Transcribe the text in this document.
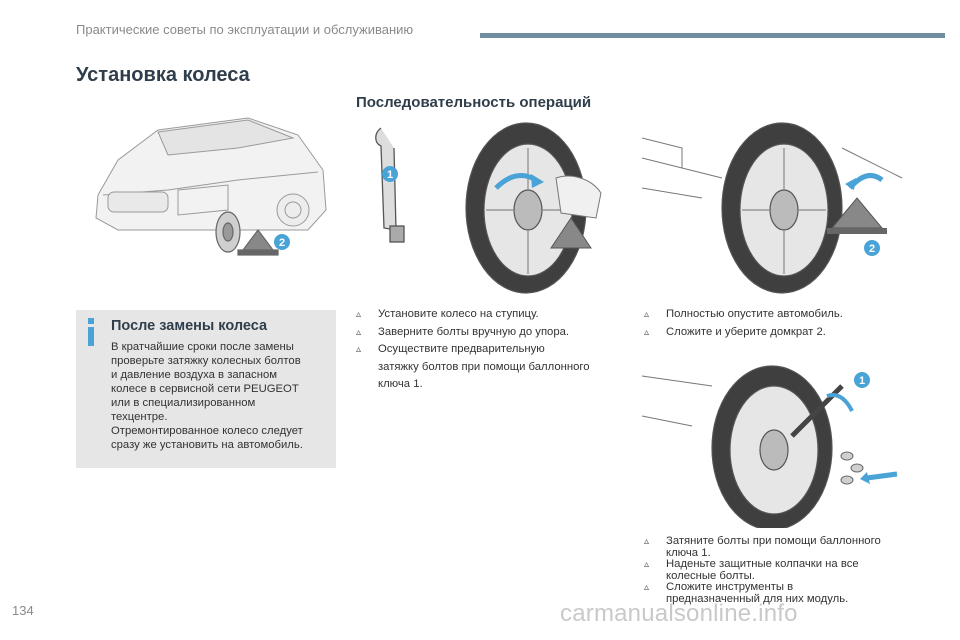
Практические советы по эксплуатации и обслуживанию
Установка колеса
Последовательность операций
2
1
2
1
После замены колеса
В кратчайшие сроки после замены
проверьте затяжку колесных болтов
и давление воздуха в запасном
колесе в сервисной сети PEUGEOT
или в специализированном
техцентре.
Отремонтированное колесо следует
сразу же установить на автомобиль.
▵ Установите колесо на ступицу.
▵ Заверните болты вручную до упора.
▵ Осуществите предварительную
затяжку болтов при помощи баллонного
ключа 1.
▵ Полностью опустите автомобиль.
▵ Сложите и уберите домкрат 2.
▵ Затяните болты при помощи баллонного
ключа 1.
▵ Наденьте защитные колпачки на все
колесные болты.
▵ Сложите инструменты в
предназначенный для них модуль.
134	carmanualsonline.info
